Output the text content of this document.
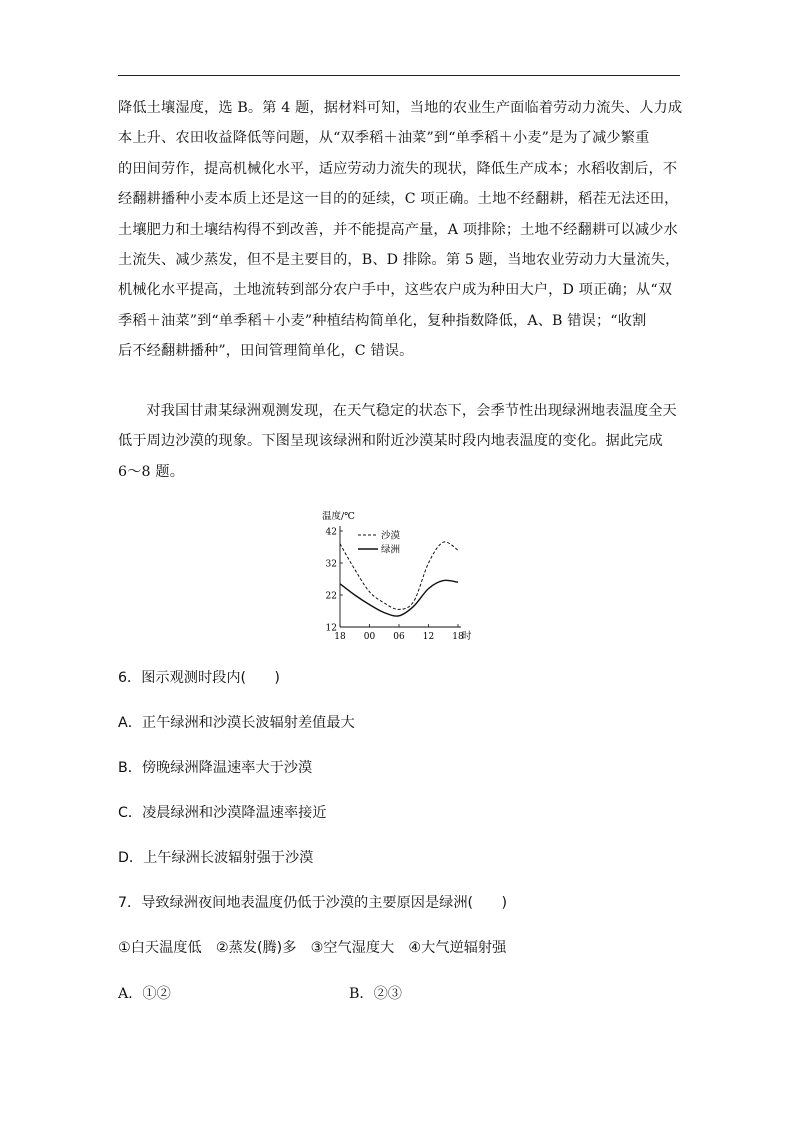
降低土壤湿度，选 B。第 4 题，据材料可知，当地的农业生产面临着劳动力流失、人力成
本上升、农田收益降低等问题，从“双季稻＋油菜”到“单季稻＋小麦”是为了减少繁重
的田间劳作，提高机械化水平，适应劳动力流失的现状，降低生产成本；水稻收割后，不
经翻耕播种小麦本质上还是这一目的的延续，C 项正确。土地不经翻耕，稻茬无法还田，
土壤肥力和土壤结构得不到改善，并不能提高产量，A 项排除；土地不经翻耕可以减少水
土流失、减少蒸发，但不是主要目的，B、D 排除。第 5 题，当地农业劳动力大量流失，
机械化水平提高，土地流转到部分农户手中，这些农户成为种田大户，D 项正确；从“双
季稻＋油菜”到“单季稻＋小麦”种植结构简单化，复种指数降低，A、B 错误；“收割
后不经翻耕播种”，田间管理简单化，C 错误。
对我国甘肃某绿洲观测发现，在天气稳定的状态下，会季节性出现绿洲地表温度全天
低于周边沙漠的现象。下图呈现该绿洲和附近沙漠某时段内地表温度的变化。据此完成
6～8 题。
温度/℃
12
22
32
42
18 00 06 12 18
时
沙漠
绿洲

6．图示观测时段内(　　)

A．正午绿洲和沙漠长波辐射差值最大

B．傍晚绿洲降温速率大于沙漠

C．凌晨绿洲和沙漠降温速率接近

D．上午绿洲长波辐射强于沙漠

7．导致绿洲夜间地表温度仍低于沙漠的主要原因是绿洲(　　)

①白天温度低　②蒸发(腾)多　③空气湿度大　④大气逆辐射强

A．①②	B．②③
